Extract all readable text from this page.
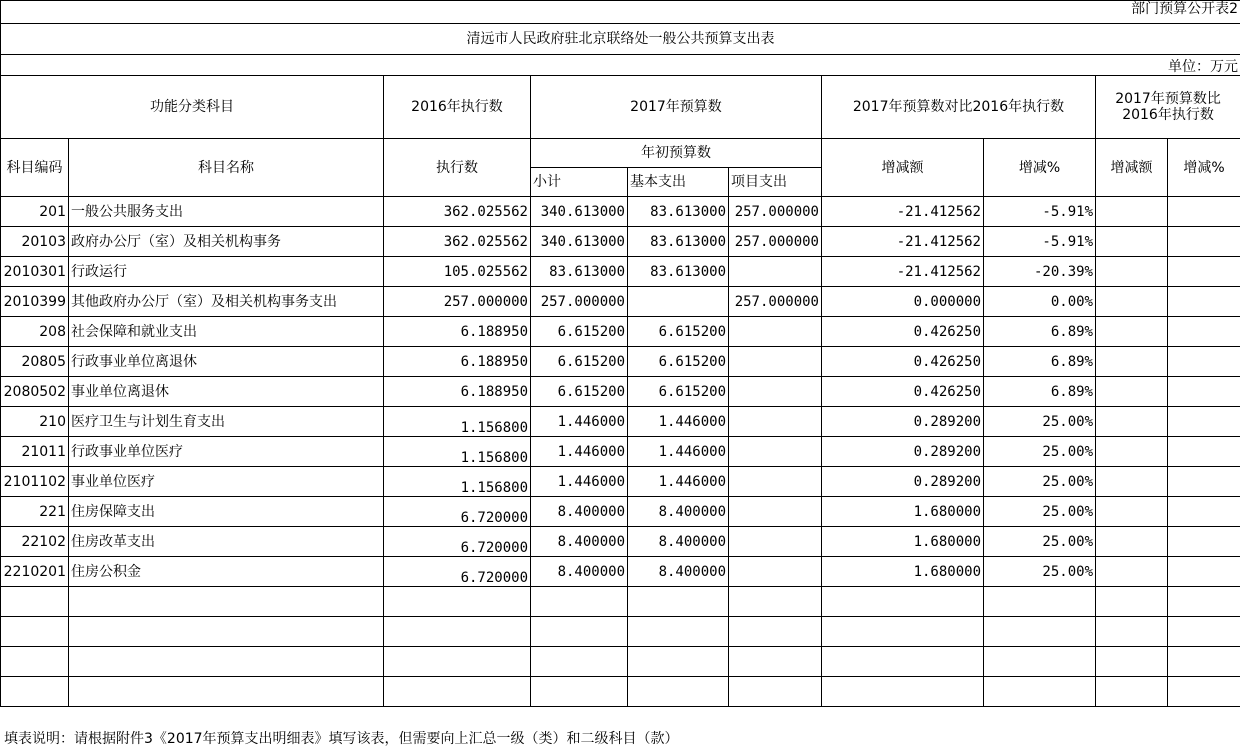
部门预算公开表2									
清远市人民政府驻北京联络处一般公共预算支出表									
单位：万元									
功能分类科目		2016年执行数	2017年预算数			2017年预算数对比2016年执行数		2017年预算数比2016年执行数	
科目编码	科目名称	执行数	年初预算数			增减额	增减%	增减额	增减%
			小计	基本支出	项目支出				
201	一般公共服务支出	362.025562	340.613000	83.613000	257.000000	-21.412562	-5.91%		
20103	政府办公厅（室）及相关机构事务	362.025562	340.613000	83.613000	257.000000	-21.412562	-5.91%		
2010301	行政运行	105.025562	83.613000	83.613000		-21.412562	-20.39%		
2010399	其他政府办公厅（室）及相关机构事务支出	257.000000	257.000000		257.000000	0.000000	0.00%		
208	社会保障和就业支出	6.188950	6.615200	6.615200		0.426250	6.89%		
20805	行政事业单位离退休	6.188950	6.615200	6.615200		0.426250	6.89%		
2080502	事业单位离退休	6.188950	6.615200	6.615200		0.426250	6.89%		
210	医疗卫生与计划生育支出	1.156800	1.446000	1.446000		0.289200	25.00%		
21011	行政事业单位医疗	1.156800	1.446000	1.446000		0.289200	25.00%		
2101102	事业单位医疗	1.156800	1.446000	1.446000		0.289200	25.00%		
221	住房保障支出	6.720000	8.400000	8.400000		1.680000	25.00%		
22102	住房改革支出	6.720000	8.400000	8.400000		1.680000	25.00%		
2210201	住房公积金	6.720000	8.400000	8.400000		1.680000	25.00%		

填表说明：请根据附件3《2017年预算支出明细表》填写该表，但需要向上汇总一级（类）和二级科目（款）
